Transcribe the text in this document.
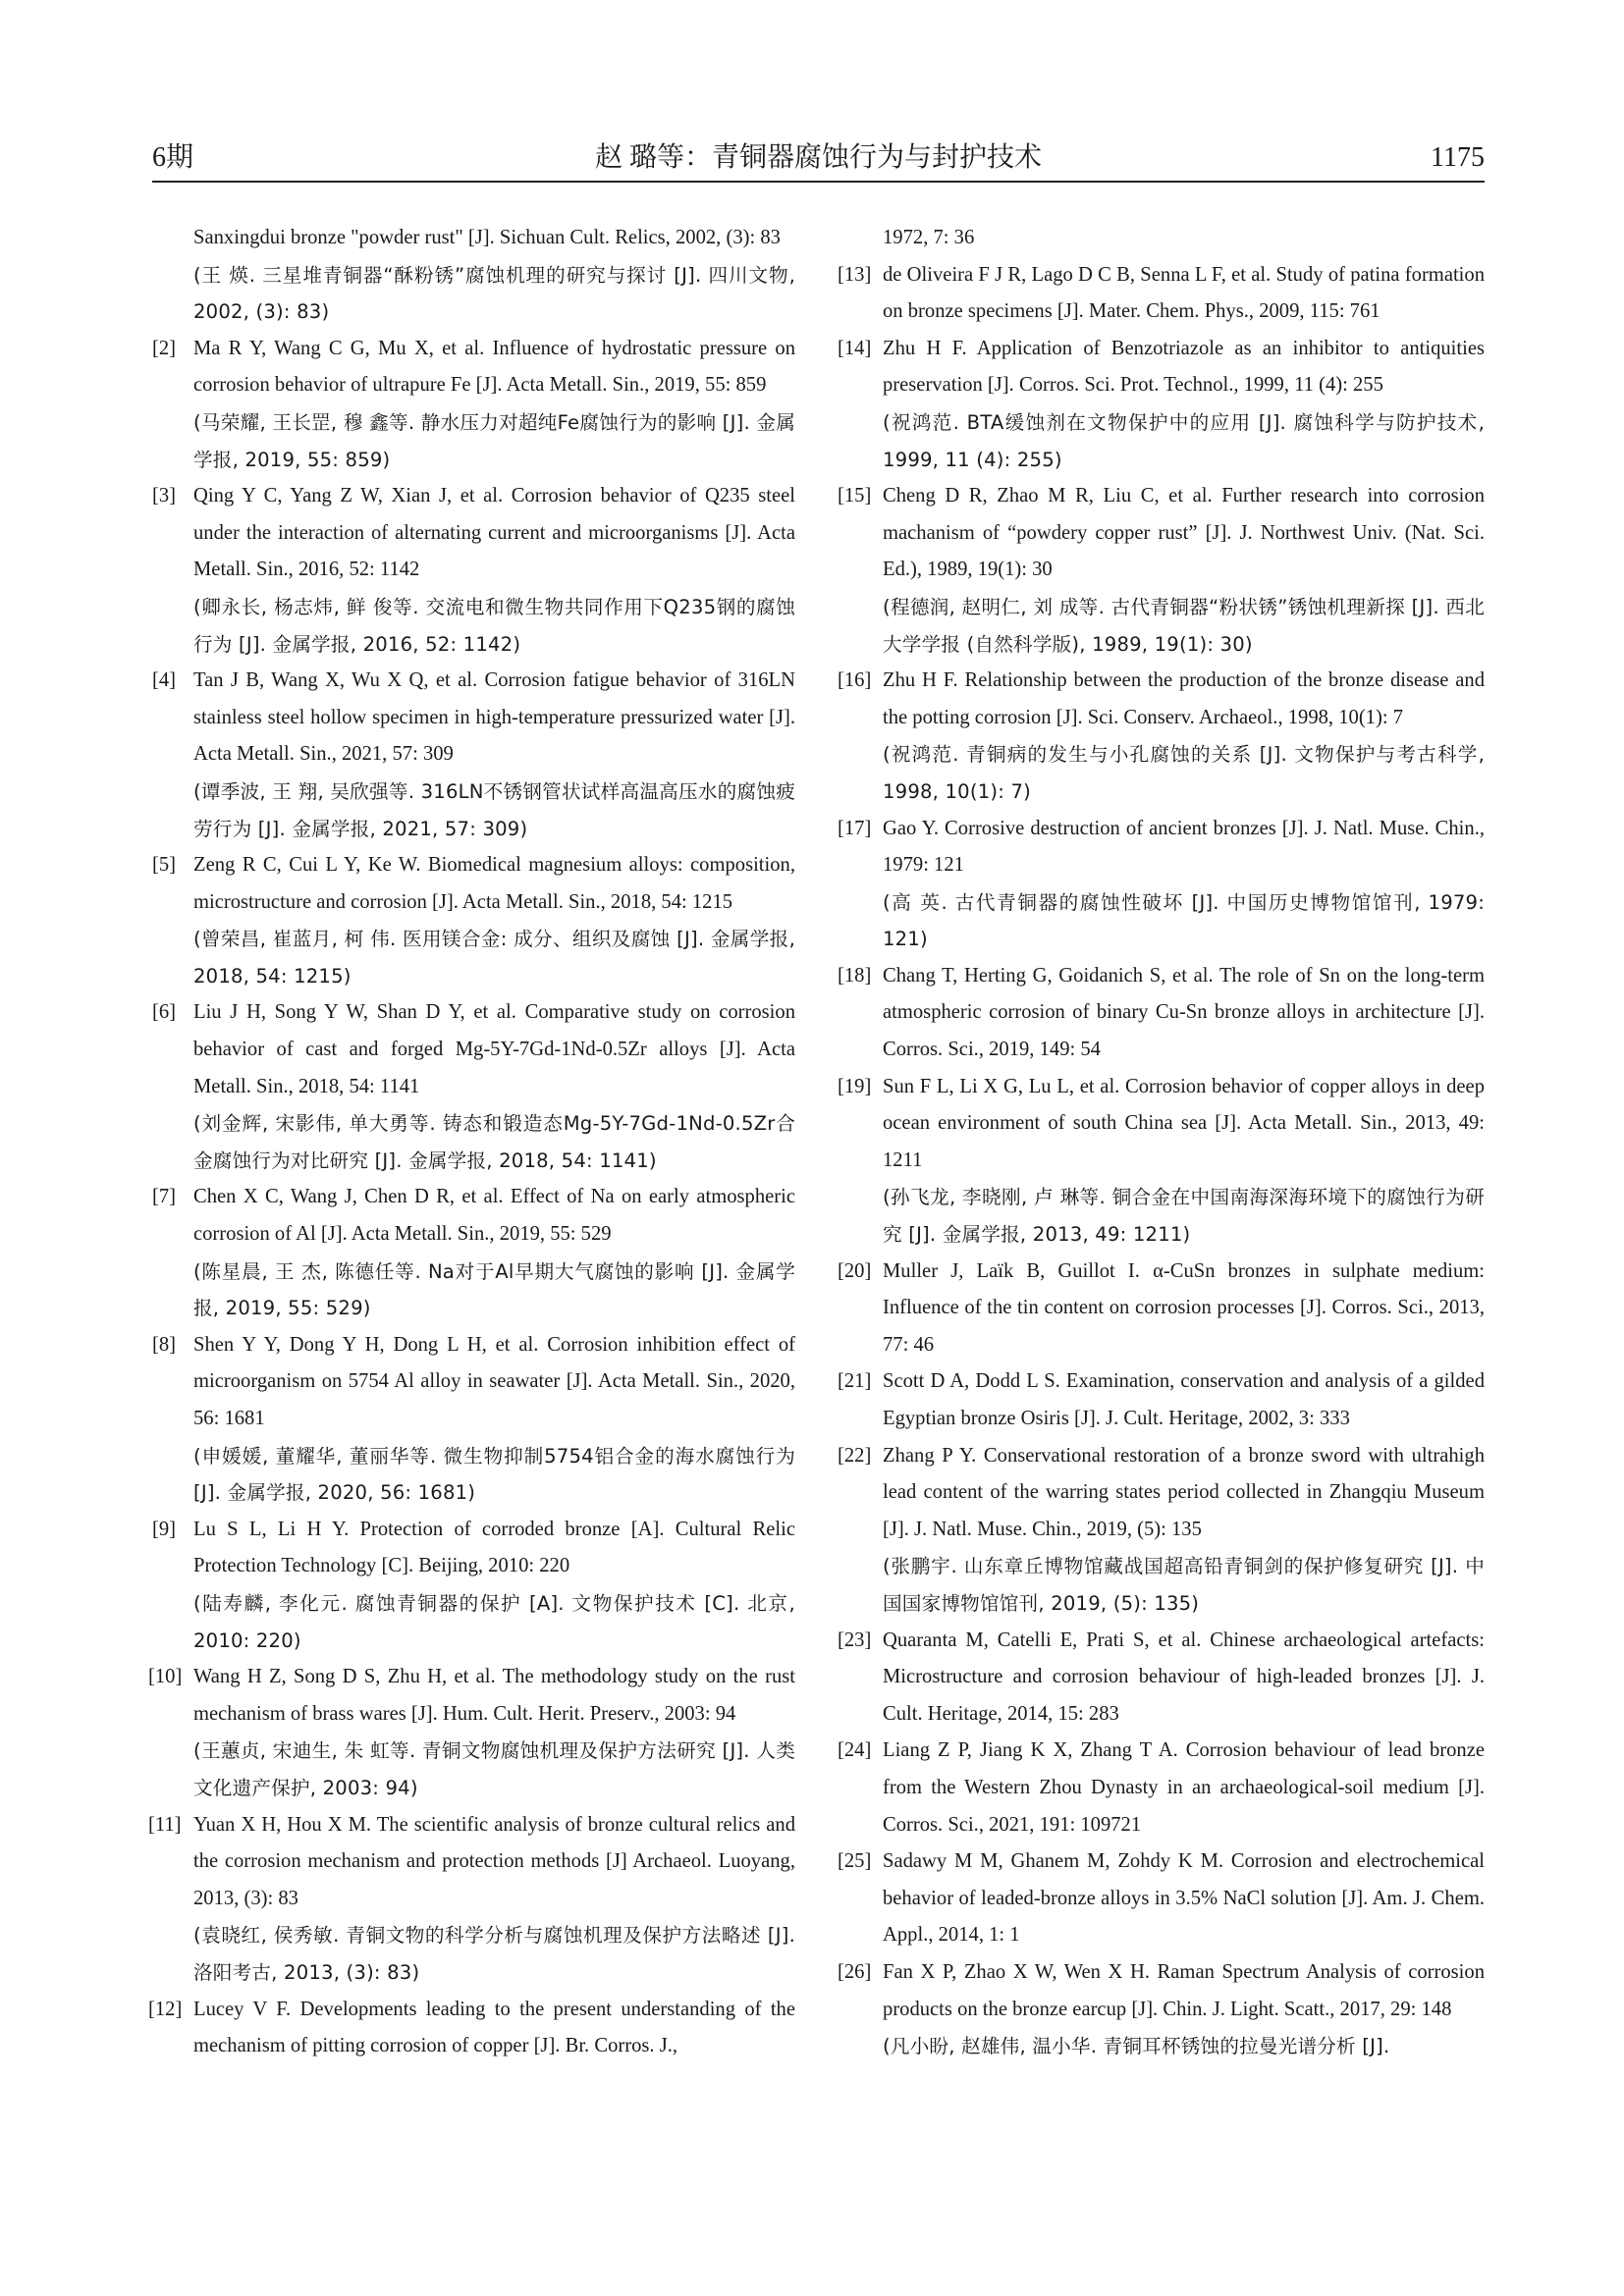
6期	赵 璐等：青铜器腐蚀行为与封护技术	1175
Sanxingdui bronze "powder rust" [J]. Sichuan Cult. Relics, 2002, (3): 83
(王 煐. 三星堆青铜器“酥粉锈”腐蚀机理的研究与探讨 [J]. 四川文物, 2002, (3): 83)
[2] Ma R Y, Wang C G, Mu X, et al. Influence of hydrostatic pressure on corrosion behavior of ultrapure Fe [J]. Acta Metall. Sin., 2019, 55: 859
(马荣耀, 王长罡, 穆 鑫等. 静水压力对超纯Fe腐蚀行为的影响 [J]. 金属学报, 2019, 55: 859)
[3] Qing Y C, Yang Z W, Xian J, et al. Corrosion behavior of Q235 steel under the interaction of alternating current and microorganisms [J]. Acta Metall. Sin., 2016, 52: 1142
(卿永长, 杨志炜, 鲜 俊等. 交流电和微生物共同作用下Q235钢的腐蚀行为 [J]. 金属学报, 2016, 52: 1142)
[4] Tan J B, Wang X, Wu X Q, et al. Corrosion fatigue behavior of 316LN stainless steel hollow specimen in high-temperature pressurized water [J]. Acta Metall. Sin., 2021, 57: 309
(谭季波, 王 翔, 吴欣强等. 316LN不锈钢管状试样高温高压水的腐蚀疲劳行为 [J]. 金属学报, 2021, 57: 309)
[5] Zeng R C, Cui L Y, Ke W. Biomedical magnesium alloys: composition, microstructure and corrosion [J]. Acta Metall. Sin., 2018, 54: 1215
(曾荣昌, 崔蓝月, 柯 伟. 医用镁合金: 成分、组织及腐蚀 [J]. 金属学报, 2018, 54: 1215)
[6] Liu J H, Song Y W, Shan D Y, et al. Comparative study on corrosion behavior of cast and forged Mg-5Y-7Gd-1Nd-0.5Zr alloys [J]. Acta Metall. Sin., 2018, 54: 1141
(刘金辉, 宋影伟, 单大勇等. 铸态和锻造态Mg-5Y-7Gd-1Nd-0.5Zr合金腐蚀行为对比研究 [J]. 金属学报, 2018, 54: 1141)
[7] Chen X C, Wang J, Chen D R, et al. Effect of Na on early atmospheric corrosion of Al [J]. Acta Metall. Sin., 2019, 55: 529
(陈星晨, 王 杰, 陈德任等. Na对于Al早期大气腐蚀的影响 [J]. 金属学报, 2019, 55: 529)
[8] Shen Y Y, Dong Y H, Dong L H, et al. Corrosion inhibition effect of microorganism on 5754 Al alloy in seawater [J]. Acta Metall. Sin., 2020, 56: 1681
(申媛媛, 董耀华, 董丽华等. 微生物抑制5754铝合金的海水腐蚀行为 [J]. 金属学报, 2020, 56: 1681)
[9] Lu S L, Li H Y. Protection of corroded bronze [A]. Cultural Relic Protection Technology [C]. Beijing, 2010: 220
(陆寿麟, 李化元. 腐蚀青铜器的保护 [A]. 文物保护技术 [C]. 北京, 2010: 220)
[10] Wang H Z, Song D S, Zhu H, et al. The methodology study on the rust mechanism of brass wares [J]. Hum. Cult. Herit. Preserv., 2003: 94
(王蕙贞, 宋迪生, 朱 虹等. 青铜文物腐蚀机理及保护方法研究 [J]. 人类文化遗产保护, 2003: 94)
[11] Yuan X H, Hou X M. The scientific analysis of bronze cultural relics and the corrosion mechanism and protection methods [J] Archaeol. Luoyang, 2013, (3): 83
(袁晓红, 侯秀敏. 青铜文物的科学分析与腐蚀机理及保护方法略述 [J]. 洛阳考古, 2013, (3): 83)
[12] Lucey V F. Developments leading to the present understanding of the mechanism of pitting corrosion of copper [J]. Br. Corros. J.,
1972, 7: 36
[13] de Oliveira F J R, Lago D C B, Senna L F, et al. Study of patina formation on bronze specimens [J]. Mater. Chem. Phys., 2009, 115: 761
[14] Zhu H F. Application of Benzotriazole as an inhibitor to antiquities preservation [J]. Corros. Sci. Prot. Technol., 1999, 11 (4): 255
(祝鸿范. BTA缓蚀剂在文物保护中的应用 [J]. 腐蚀科学与防护技术, 1999, 11 (4): 255)
[15] Cheng D R, Zhao M R, Liu C, et al. Further research into corrosion machanism of “powdery copper rust” [J]. J. Northwest Univ. (Nat. Sci. Ed.), 1989, 19(1): 30
(程德润, 赵明仁, 刘 成等. 古代青铜器“粉状锈”锈蚀机理新探 [J]. 西北大学学报 (自然科学版), 1989, 19(1): 30)
[16] Zhu H F. Relationship between the production of the bronze disease and the potting corrosion [J]. Sci. Conserv. Archaeol., 1998, 10(1): 7
(祝鸿范. 青铜病的发生与小孔腐蚀的关系 [J]. 文物保护与考古科学, 1998, 10(1): 7)
[17] Gao Y. Corrosive destruction of ancient bronzes [J]. J. Natl. Muse. Chin., 1979: 121
(高 英. 古代青铜器的腐蚀性破坏 [J]. 中国历史博物馆馆刊, 1979: 121)
[18] Chang T, Herting G, Goidanich S, et al. The role of Sn on the long-term atmospheric corrosion of binary Cu-Sn bronze alloys in architecture [J]. Corros. Sci., 2019, 149: 54
[19] Sun F L, Li X G, Lu L, et al. Corrosion behavior of copper alloys in deep ocean environment of south China sea [J]. Acta Metall. Sin., 2013, 49: 1211
(孙飞龙, 李晓刚, 卢 琳等. 铜合金在中国南海深海环境下的腐蚀行为研究 [J]. 金属学报, 2013, 49: 1211)
[20] Muller J, Laïk B, Guillot I. α-CuSn bronzes in sulphate medium: Influence of the tin content on corrosion processes [J]. Corros. Sci., 2013, 77: 46
[21] Scott D A, Dodd L S. Examination, conservation and analysis of a gilded Egyptian bronze Osiris [J]. J. Cult. Heritage, 2002, 3: 333
[22] Zhang P Y. Conservational restoration of a bronze sword with ultrahigh lead content of the warring states period collected in Zhangqiu Museum [J]. J. Natl. Muse. Chin., 2019, (5): 135
(张鹏宇. 山东章丘博物馆藏战国超高铅青铜剑的保护修复研究 [J]. 中国国家博物馆馆刊, 2019, (5): 135)
[23] Quaranta M, Catelli E, Prati S, et al. Chinese archaeological artefacts: Microstructure and corrosion behaviour of high-leaded bronzes [J]. J. Cult. Heritage, 2014, 15: 283
[24] Liang Z P, Jiang K X, Zhang T A. Corrosion behaviour of lead bronze from the Western Zhou Dynasty in an archaeological-soil medium [J]. Corros. Sci., 2021, 191: 109721
[25] Sadawy M M, Ghanem M, Zohdy K M. Corrosion and electrochemical behavior of leaded-bronze alloys in 3.5% NaCl solution [J]. Am. J. Chem. Appl., 2014, 1: 1
[26] Fan X P, Zhao X W, Wen X H. Raman Spectrum Analysis of corrosion products on the bronze earcup [J]. Chin. J. Light. Scatt., 2017, 29: 148
(凡小盼, 赵雄伟, 温小华. 青铜耳杯锈蚀的拉曼光谱分析 [J].
